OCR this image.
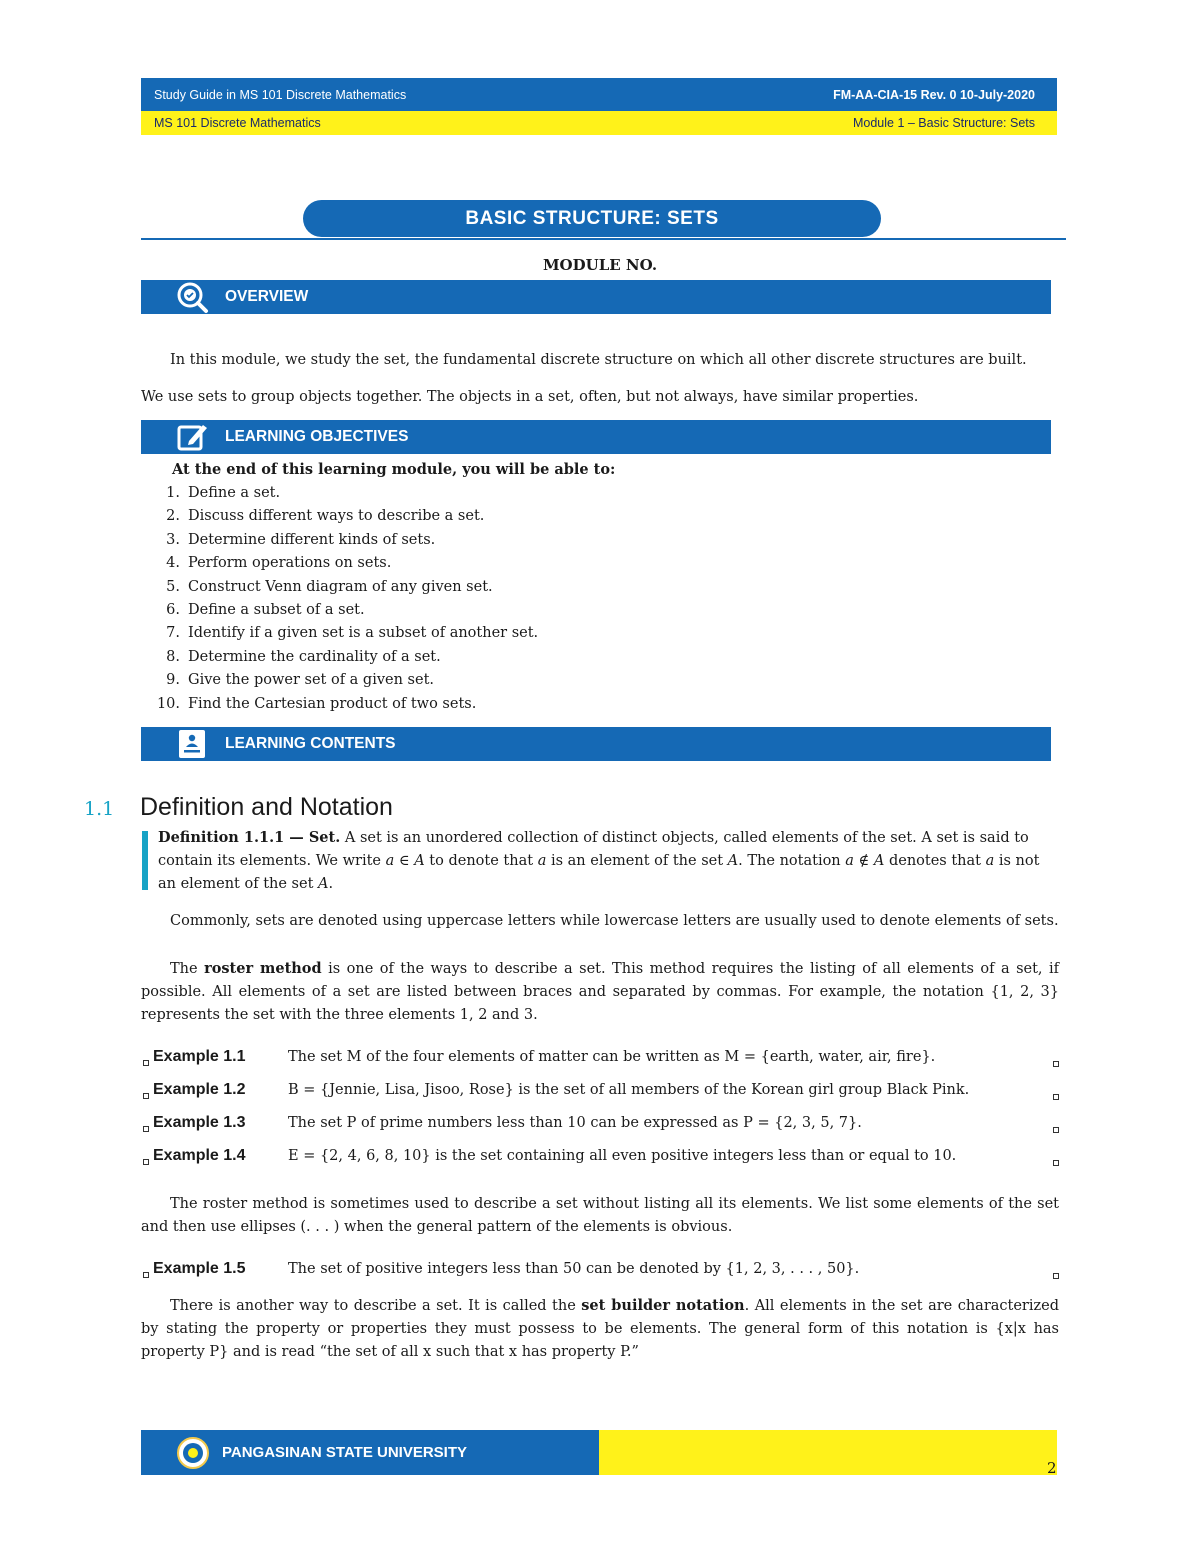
Study Guide in MS 101 Discrete Mathematics	FM-AA-CIA-15 Rev. 0 10-July-2020
MS 101 Discrete Mathematics	Module 1 – Basic Structure: Sets
BASIC STRUCTURE: SETS
MODULE NO.
OVERVIEW

In this module, we study the set, the fundamental discrete structure on which all other discrete structures are built.

We use sets to group objects together. The objects in a set, often, but not always, have similar properties.

LEARNING OBJECTIVES
At the end of this learning module, you will be able to:
1. Define a set.
2. Discuss different ways to describe a set.
3. Determine different kinds of sets.
4. Perform operations on sets.
5. Construct Venn diagram of any given set.
6. Define a subset of a set.
7. Identify if a given set is a subset of another set.
8. Determine the cardinality of a set.
9. Give the power set of a given set.
10. Find the Cartesian product of two sets.
LEARNING CONTENTS
1.1 Definition and Notation

Definition 1.1.1 — Set. A set is an unordered collection of distinct objects, called elements of the set. A set is said to contain its elements. We write a ∈ A to denote that a is an element of the set A. The notation a ∉ A denotes that a is not an element of the set A.

Commonly, sets are denoted using uppercase letters while lowercase letters are usually used to denote elements of sets.

The roster method is one of the ways to describe a set. This method requires the listing of all elements of a set, if possible. All elements of a set are listed between braces and separated by commas. For example, the notation {1, 2, 3} represents the set with the three elements 1, 2 and 3.

Example 1.1	The set M of the four elements of matter can be written as M = {earth, water, air, fire}.
Example 1.2	B = {Jennie, Lisa, Jisoo, Rose} is the set of all members of the Korean girl group Black Pink.
Example 1.3	The set P of prime numbers less than 10 can be expressed as P = {2, 3, 5, 7}.
Example 1.4	E = {2, 4, 6, 8, 10} is the set containing all even positive integers less than or equal to 10.
Example 1.5	The set of positive integers less than 50 can be denoted by {1, 2, 3, . . . , 50}.

The roster method is sometimes used to describe a set without listing all its elements. We list some elements of the set and then use ellipses (. . . ) when the general pattern of the elements is obvious.

There is another way to describe a set. It is called the set builder notation. All elements in the set are characterized by stating the property or properties they must possess to be elements. The general form of this notation is {x|x has property P} and is read “the set of all x such that x has property P.”

PANGASINAN STATE UNIVERSITY
2
